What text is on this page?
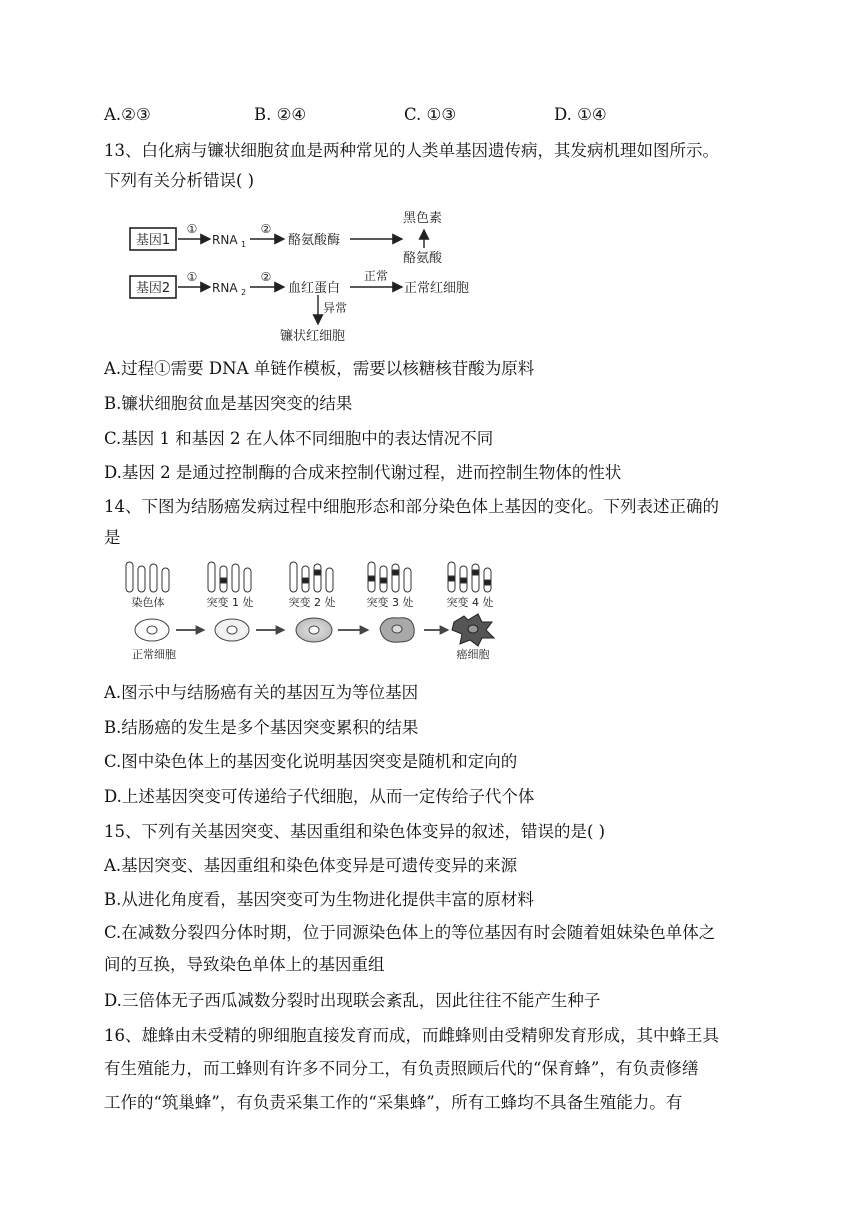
A.②③	B. ②④	C. ①③	D. ①④
13、白化病与镰状细胞贫血是两种常见的人类单基因遗传病，其发病机理如图所示。
下列有关分析错误( )
基因1
①
RNA 1
②
酪氨酸酶
黑色素
酪氨酸
基因2
①
RNA 2
②
血红蛋白
正常
正常红细胞
异常
镰状红细胞
A.过程①需要 DNA 单链作模板，需要以核糖核苷酸为原料
B.镰状细胞贫血是基因突变的结果
C.基因 1 和基因 2 在人体不同细胞中的表达情况不同
D.基因 2 是通过控制酶的合成来控制代谢过程，进而控制生物体的性状
14、下图为结肠癌发病过程中细胞形态和部分染色体上基因的变化。下列表述正确的
是
染色体	突变 1 处	突变 2 处	突变 3 处	突变 4 处
正常细胞	癌细胞
A.图示中与结肠癌有关的基因互为等位基因
B.结肠癌的发生是多个基因突变累积的结果
C.图中染色体上的基因变化说明基因突变是随机和定向的
D.上述基因突变可传递给子代细胞，从而一定传给子代个体
15、下列有关基因突变、基因重组和染色体变异的叙述，错误的是( )
A.基因突变、基因重组和染色体变异是可遗传变异的来源
B.从进化角度看，基因突变可为生物进化提供丰富的原材料
C.在减数分裂四分体时期，位于同源染色体上的等位基因有时会随着姐妹染色单体之
间的互换，导致染色单体上的基因重组
D.三倍体无子西瓜减数分裂时出现联会紊乱，因此往往不能产生种子
16、雄蜂由未受精的卵细胞直接发育而成，而雌蜂则由受精卵发育形成，其中蜂王具
有生殖能力，而工蜂则有许多不同分工，有负责照顾后代的“保育蜂”，有负责修缮
工作的“筑巢蜂”，有负责采集工作的“采集蜂”，所有工蜂均不具备生殖能力。有
